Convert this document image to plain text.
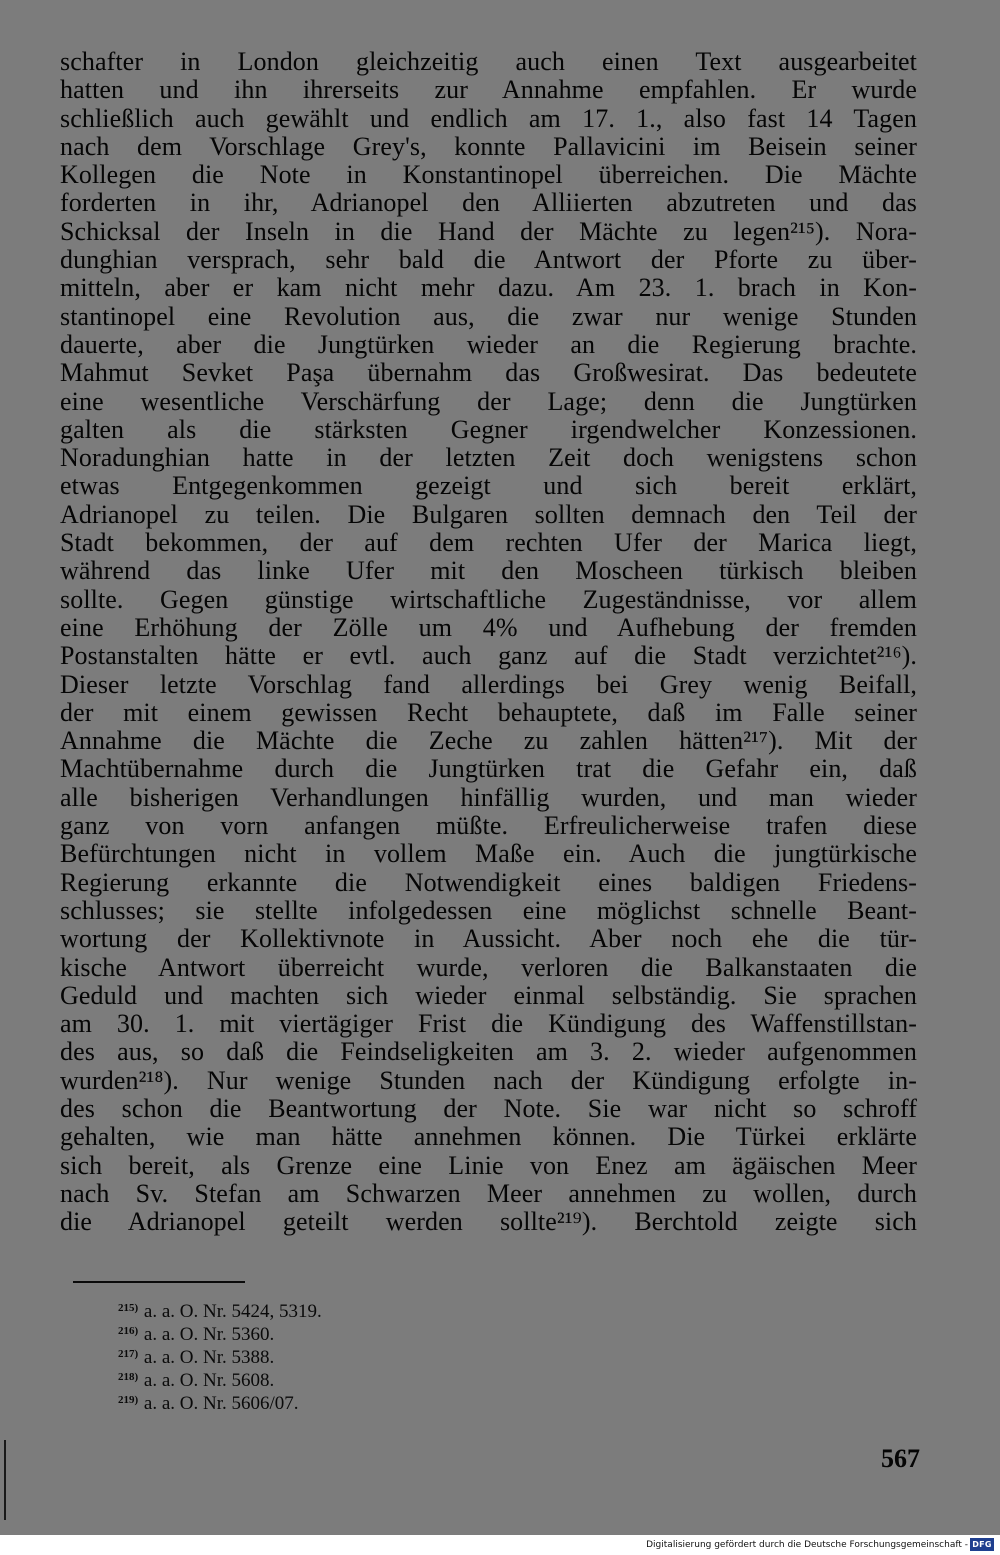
schafter in London gleichzeitig auch einen Text ausgearbeitet
hatten und ihn ihrerseits zur Annahme empfahlen. Er wurde
schließlich auch gewählt und endlich am 17. 1., also fast 14 Tagen
nach dem Vorschlage Grey's, konnte Pallavicini im Beisein seiner
Kollegen die Note in Konstantinopel überreichen. Die Mächte
forderten in ihr, Adrianopel den Alliierten abzutreten und das
Schicksal der Inseln in die Hand der Mächte zu legen²¹⁵). Nora-
dunghian versprach, sehr bald die Antwort der Pforte zu über-
mitteln, aber er kam nicht mehr dazu. Am 23. 1. brach in Kon-
stantinopel eine Revolution aus, die zwar nur wenige Stunden
dauerte, aber die Jungtürken wieder an die Regierung brachte.
Mahmut Sevket Paşa übernahm das Großwesirat. Das bedeutete
eine wesentliche Verschärfung der Lage; denn die Jungtürken
galten als die stärksten Gegner irgendwelcher Konzessionen.
Noradunghian hatte in der letzten Zeit doch wenigstens schon
etwas Entgegenkommen gezeigt und sich bereit erklärt,
Adrianopel zu teilen. Die Bulgaren sollten demnach den Teil der
Stadt bekommen, der auf dem rechten Ufer der Marica liegt,
während das linke Ufer mit den Moscheen türkisch bleiben
sollte. Gegen günstige wirtschaftliche Zugeständnisse, vor allem
eine Erhöhung der Zölle um 4% und Aufhebung der fremden
Postanstalten hätte er evtl. auch ganz auf die Stadt verzichtet²¹⁶).
Dieser letzte Vorschlag fand allerdings bei Grey wenig Beifall,
der mit einem gewissen Recht behauptete, daß im Falle seiner
Annahme die Mächte die Zeche zu zahlen hätten²¹⁷). Mit der
Machtübernahme durch die Jungtürken trat die Gefahr ein, daß
alle bisherigen Verhandlungen hinfällig wurden, und man wieder
ganz von vorn anfangen müßte. Erfreulicherweise trafen diese
Befürchtungen nicht in vollem Maße ein. Auch die jungtürkische
Regierung erkannte die Notwendigkeit eines baldigen Friedens-
schlusses; sie stellte infolgedessen eine möglichst schnelle Beant-
wortung der Kollektivnote in Aussicht. Aber noch ehe die tür-
kische Antwort überreicht wurde, verloren die Balkanstaaten die
Geduld und machten sich wieder einmal selbständig. Sie sprachen
am 30. 1. mit viertägiger Frist die Kündigung des Waffenstillstan-
des aus, so daß die Feindseligkeiten am 3. 2. wieder aufgenommen
wurden²¹⁸). Nur wenige Stunden nach der Kündigung erfolgte in-
des schon die Beantwortung der Note. Sie war nicht so schroff
gehalten, wie man hätte annehmen können. Die Türkei erklärte
sich bereit, als Grenze eine Linie von Enez am ägäischen Meer
nach Sv. Stefan am Schwarzen Meer annehmen zu wollen, durch
die Adrianopel geteilt werden sollte²¹⁹). Berchtold zeigte sich
$^{215)}$ a. a. O. Nr. 5424, 5319.
$^{216)}$ a. a. O. Nr. 5360.
$^{217)}$ a. a. O. Nr. 5388.
$^{218)}$ a. a. O. Nr. 5608.
$^{219)}$ a. a. O. Nr. 5606/07.
567
Digitalisierung gefördert durch die Deutsche Forschungsgemeinschaft - DFG
